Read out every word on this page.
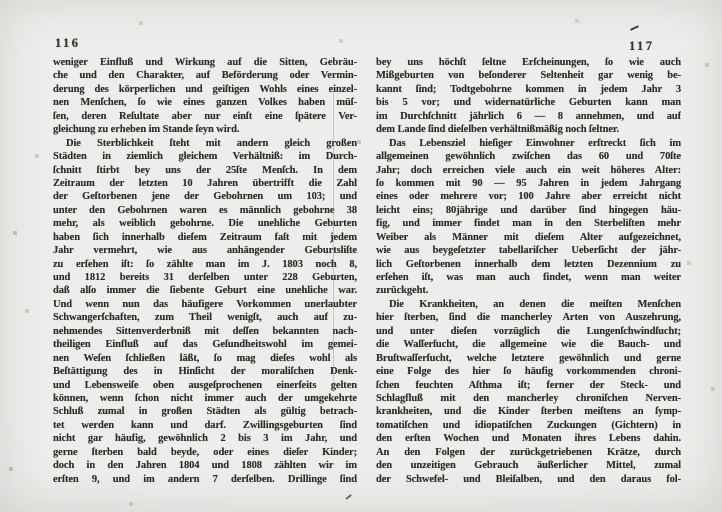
116	117
weniger Einfluß und Wirkung auf die Sitten, Gebräu-
che und den Charakter, auf Beförderung oder Vermin-
derung des körperlichen und geiſtigen Wohls eines einzel-
nen Menſchen, ſo wie eines ganzen Volkes haben müſ-
ſen, deren Reſultate aber nur einſt eine ſpätere Ver-
gleichung zu erheben im Stande ſeyn wird.
Die Sterblichkeit ſteht mit andern gleich großen
Städten in ziemlich gleichem Verhältniß: im Durch-
ſchnitt ſtirbt bey uns der 25ſte Menſch. In dem
Zeitraum der letzten 10 Jahren übertrifft die Zahl
der Geſtorbenen jene der Gebohrnen um 103; und
unter den Gebohrnen waren es männlich gebohrne 38
mehr, als weiblich gebohrne. Die unehliche Geburten
haben ſich innerhalb dieſem Zeitraum faſt mit jedem
Jahr vermehrt, wie aus anhängender Geburtsliſte
zu erſehen iſt: ſo zählte man im J. 1803 noch 8,
und 1812 bereits 31 derſelben unter 228 Geburten,
daß alſo immer die ſiebente Geburt eine unehliche war.
Und wenn nun das häufigere Vorkommen unerlaubter
Schwangerſchaften, zum Theil wenigſt, auch auf zu-
nehmendes Sittenverderbniß mit deſſen bekannten nach-
theiligen Einfluß auf das Geſundheitswohl im gemei-
nen Weſen ſchließen läßt, ſo mag dieſes wohl als
Beſtättigung des in Hinſicht der moraliſchen Denk-
und Lebensweiſe oben ausgeſprochenen einerſeits gelten
können, wenn ſchon nicht immer auch der umgekehrte
Schluß zumal in großen Städten als gültig betrach-
tet werden kann und darf. Zwillingsgeburten ſind
nicht gar häufig, gewöhnlich 2 bis 3 im Jahr, und
gerne ſterben bald beyde, oder eines dieſer Kinder;
doch in den Jahren 1804 und 1808 zählten wir im
erſten 9, und im andern 7 derſelben. Drillinge ſind
bey uns höchſt ſeltne Erſcheinungen, ſo wie auch
Mißgeburten von beſonderer Seltenheit gar wenig be-
kannt ſind; Todtgebohrne kommen in jedem Jahr 3
bis 5 vor; und widernatürliche Geburten kann man
im Durchſchnitt jährlich 6 — 8 annehmen, und auf
dem Lande ſind dieſelben verhältnißmäßig noch ſeltner.
Das Lebensziel hieſiger Einwohner erſtreckt ſich im
allgemeinen gewöhnlich zwiſchen das 60 und 70ſte
Jahr; doch erreichen viele auch ein weit höheres Alter:
ſo kommen mit 90 — 95 Jahren in jedem Jahrgang
eines oder mehrere vor; 100 Jahre aber erreicht nicht
leicht eins; 80jährige und darüber ſind hingegen häu-
fig, und immer findet man in den Sterbeliſten mehr
Weiber als Männer mit dieſem Alter aufgezeichnet,
wie aus beygeſetzter tabellariſcher Ueberſicht der jähr-
lich Geſtorbenen innerhalb dem letzten Dezennium zu
erſehen iſt, was man auch findet, wenn man weiter
zurückgeht.
Die Krankheiten, an denen die meiſten Menſchen
hier ſterben, ſind die mancherley Arten von Auszehrung,
und unter dieſen vorzüglich die Lungenſchwindſucht;
die Waſſerſucht, die allgemeine wie die Bauch- und
Bruſtwaſſerſucht, welche letztere gewöhnlich und gerne
eine Folge des hier ſo häufig vorkommenden chroni-
ſchen feuchten Aſthma iſt; ferner der Steck- und
Schlagfluß mit den mancherley chroniſchen Nerven-
krankheiten, und die Kinder ſterben meiſtens an ſymp-
tomatiſchen und idiopatiſchen Zuckungen (Gichtern) in
den erſten Wochen und Monaten ihres Lebens dahin.
An den Folgen der zurückgetriebenen Krätze, durch
den unzeitigen Gebrauch äußerlicher Mittel, zumal
der Schwefel- und Bleiſalben, und den daraus fol-
